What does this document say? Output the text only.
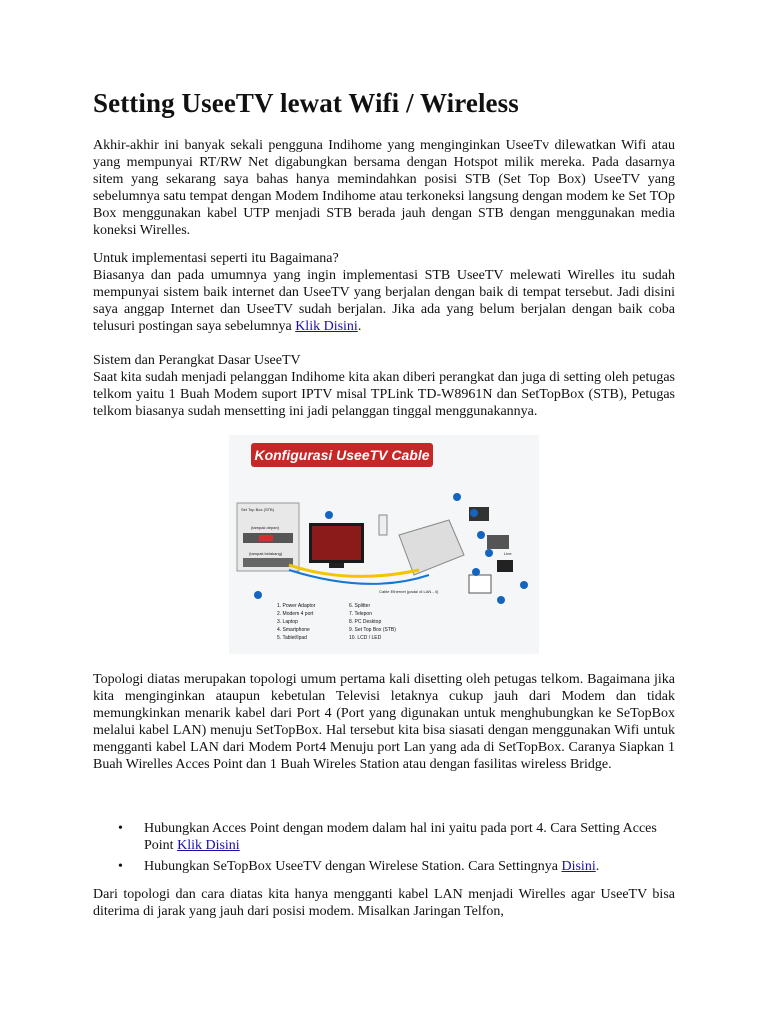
Setting UseeTV lewat Wifi / Wireless

Akhir-akhir ini banyak sekali pengguna Indihome yang menginginkan UseeTv dilewatkan Wifi atau yang mempunyai RT/RW Net digabungkan bersama dengan Hotspot milik mereka. Pada dasarnya sitem yang sekarang saya bahas hanya memindahkan posisi STB (Set Top Box) UseeTV yang sebelumnya satu tempat dengan Modem Indihome atau terkoneksi langsung dengan modem ke Set TOp Box menggunakan kabel UTP menjadi STB berada jauh dengan STB dengan menggunakan media koneksi Wirelles.

Untuk implementasi seperti itu Bagaimana?

Biasanya dan pada umumnya yang ingin implementasi STB UseeTV melewati Wirelles itu sudah mempunyai sistem baik internet dan UseeTV yang berjalan dengan baik di tempat tersebut. Jadi disini saya anggap Internet dan UseeTV sudah berjalan. Jika ada yang belum berjalan dengan baik coba telusuri postingan saya sebelumnya Klik Disini.

Sistem dan Perangkat Dasar UseeTV

Saat kita sudah menjadi pelanggan Indihome kita akan diberi perangkat dan juga di setting oleh petugas telkom yaitu 1 Buah Modem suport IPTV misal TPLink TD-W8961N dan SetTopBox (STB), Petugas telkom biasanya sudah mensetting ini jadi pelanggan tinggal menggunakannya.

Konfigurasi UseeTV Cable
Set Top Box (STB)
(tampak depan)
(tampak belakang)
Cable Ethernet (pada/ di LAN - 4)
Line
1. Power Adaptor
2. Modem 4 port
3. Laptop
4. Smartphone
5. Tablet/Ipad
6. Splitter
7. Telepon
8. PC Desktop
9. Set Top Box (STB)
10. LCD / LED

Topologi diatas merupakan topologi umum pertama kali disetting oleh petugas telkom. Bagaimana jika kita menginginkan ataupun kebetulan Televisi letaknya cukup jauh dari Modem dan tidak memungkinkan menarik kabel dari Port 4 (Port yang digunakan untuk menghubungkan ke SeTopBox melalui kabel LAN) menuju SetTopBox. Hal tersebut kita bisa siasati dengan menggunakan Wifi untuk mengganti kabel LAN dari Modem Port4 Menuju port Lan yang ada di SetTopBox. Caranya Siapkan 1 Buah Wirelles Acces Point dan 1 Buah Wireles Station atau dengan fasilitas wireless Bridge.

• Hubungkan Acces Point dengan modem dalam hal ini yaitu pada port 4. Cara Setting Acces Point Klik Disini
• Hubungkan SeTopBox UseeTV dengan Wirelese Station. Cara Settingnya Disini.

Dari topologi dan cara diatas kita hanya mengganti kabel LAN menjadi Wirelles agar UseeTV bisa diterima di jarak yang jauh dari posisi modem. Misalkan Jaringan Telfon,
